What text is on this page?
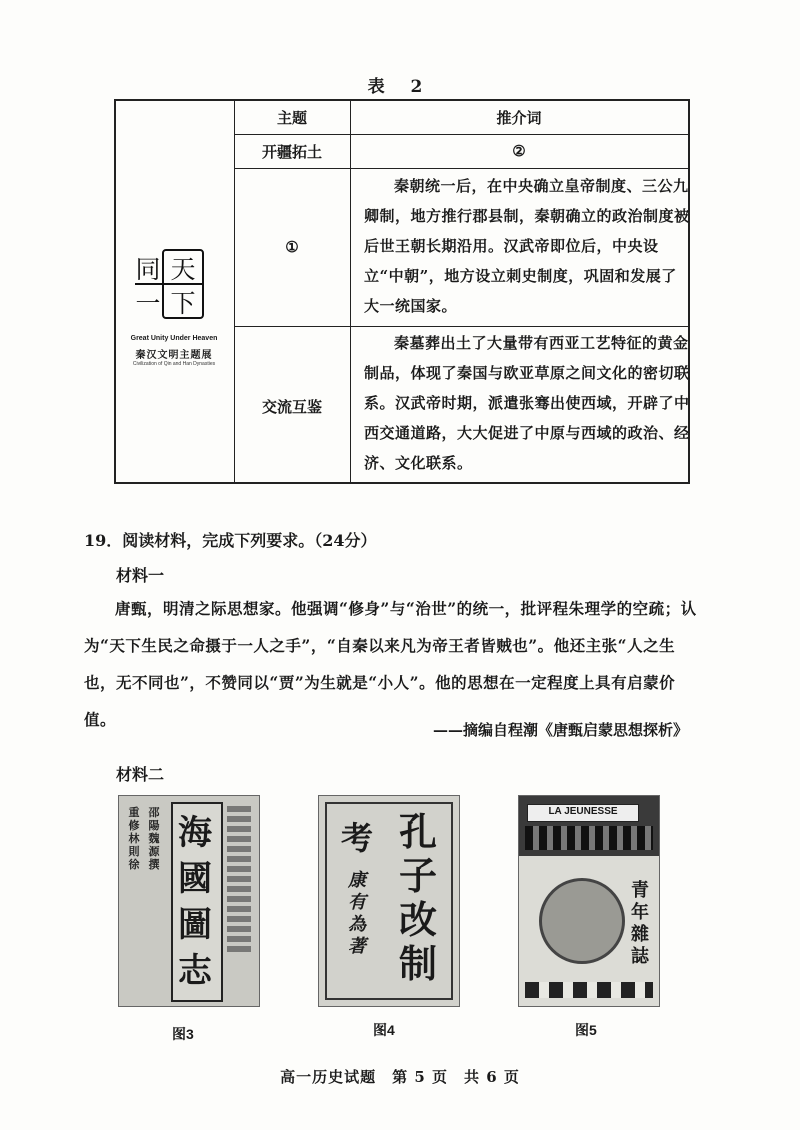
表 2
主题	推介词
开疆拓土	②
①
秦朝统一后，在中央确立皇帝制度、三公九卿制，地方推行郡县制，秦朝确立的政治制度被后世王朝长期沿用。汉武帝即位后，中央设立“中朝”，地方设立刺史制度，巩固和发展了大一统国家。
交流互鉴
秦墓葬出土了大量带有西亚工艺特征的黄金制品，体现了秦国与欧亚草原之间文化的密切联系。汉武帝时期，派遣张骞出使西域，开辟了中西交通道路，大大促进了中原与西域的政治、经济、文化联系。
天
同
下
一
Great Unity Under Heaven
秦汉文明主题展
Civilization of Qin and Han Dynasties
19．阅读材料，完成下列要求。（24分）
材料一
唐甄，明清之际思想家。他强调“修身”与“治世”的统一，批评程朱理学的空疏；认为“天下生民之命摄于一人之手”，“自秦以来凡为帝王者皆贼也”。他还主张“人之生也，无不同也”，不赞同以“贾”为生就是“小人”。他的思想在一定程度上具有启蒙价值。
——摘编自程潮《唐甄启蒙思想探析》
材料二
重修林則徐
邵陽魏源撰
海國圖志
图3
孔子改制
考
康有為著
图4
LA JEUNESSE
青年雜誌
图5
高一历史试题　第 5 页　共 6 页
